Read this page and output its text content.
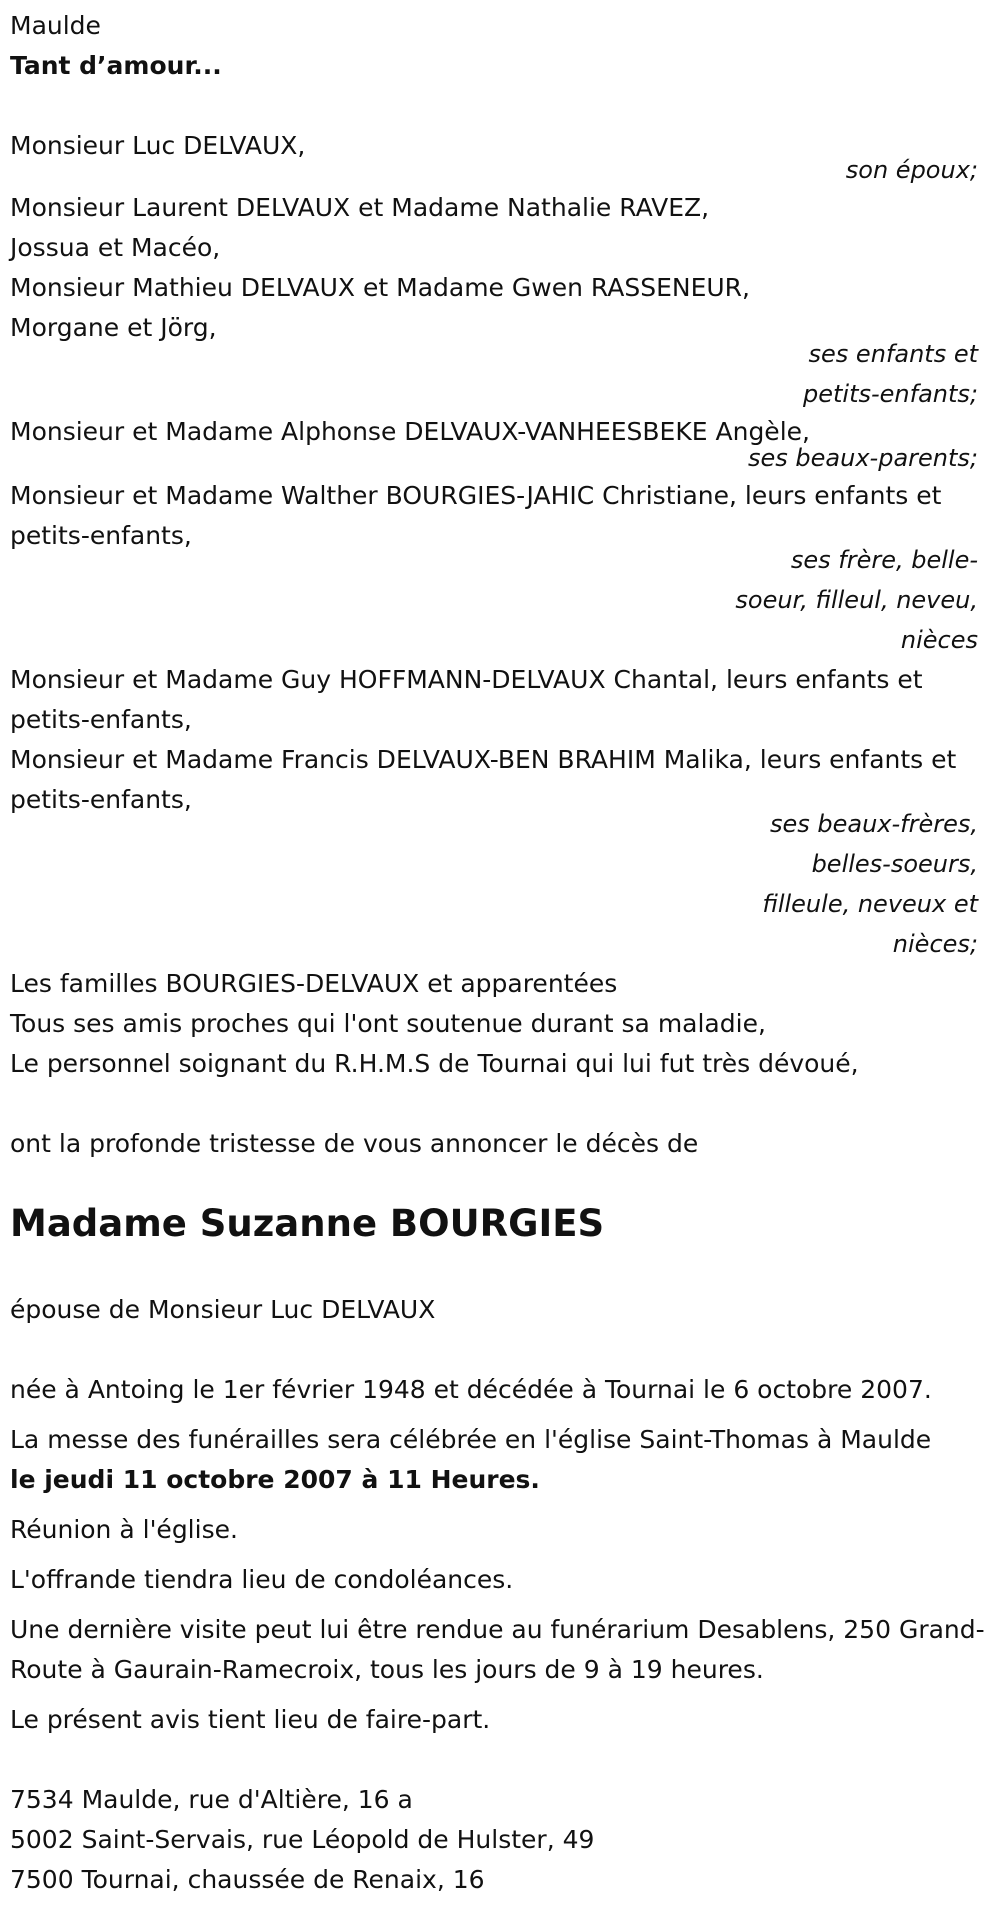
Maulde
Tant d’amour...
Monsieur Luc DELVAUX,
son époux;
Monsieur Laurent DELVAUX et Madame Nathalie RAVEZ,
Jossua et Macéo,
Monsieur Mathieu DELVAUX et Madame Gwen RASSENEUR,
Morgane et Jörg,
ses enfants et
petits-enfants;
Monsieur et Madame Alphonse DELVAUX-VANHEESBEKE Angèle,
ses beaux-parents;
Monsieur et Madame Walther BOURGIES-JAHIC Christiane, leurs enfants et petits-enfants,
ses frère, belle-
soeur, filleul, neveu,
nièces
Monsieur et Madame Guy HOFFMANN-DELVAUX Chantal, leurs enfants et petits-enfants,
Monsieur et Madame Francis DELVAUX-BEN BRAHIM Malika, leurs enfants et petits-enfants,
ses beaux-frères,
belles-soeurs,
filleule, neveux et
nièces;
Les familles BOURGIES-DELVAUX et apparentées
Tous ses amis proches qui l'ont soutenue durant sa maladie,
Le personnel soignant du R.H.M.S de Tournai qui lui fut très dévoué,
ont la profonde tristesse de vous annoncer le décès de
Madame Suzanne BOURGIES
épouse de Monsieur Luc DELVAUX
née à Antoing le 1er février 1948 et décédée à Tournai le 6 octobre 2007.
La messe des funérailles sera célébrée en l'église Saint-Thomas à Maulde
le jeudi 11 octobre 2007 à 11 Heures.
Réunion à l'église.
L'offrande tiendra lieu de condoléances.
Une dernière visite peut lui être rendue au funérarium Desablens, 250 Grand-Route à Gaurain-Ramecroix, tous les jours de 9 à 19 heures.
Le présent avis tient lieu de faire-part.
7534 Maulde, rue d'Altière, 16 a
5002 Saint-Servais, rue Léopold de Hulster, 49
7500 Tournai, chaussée de Renaix, 16
